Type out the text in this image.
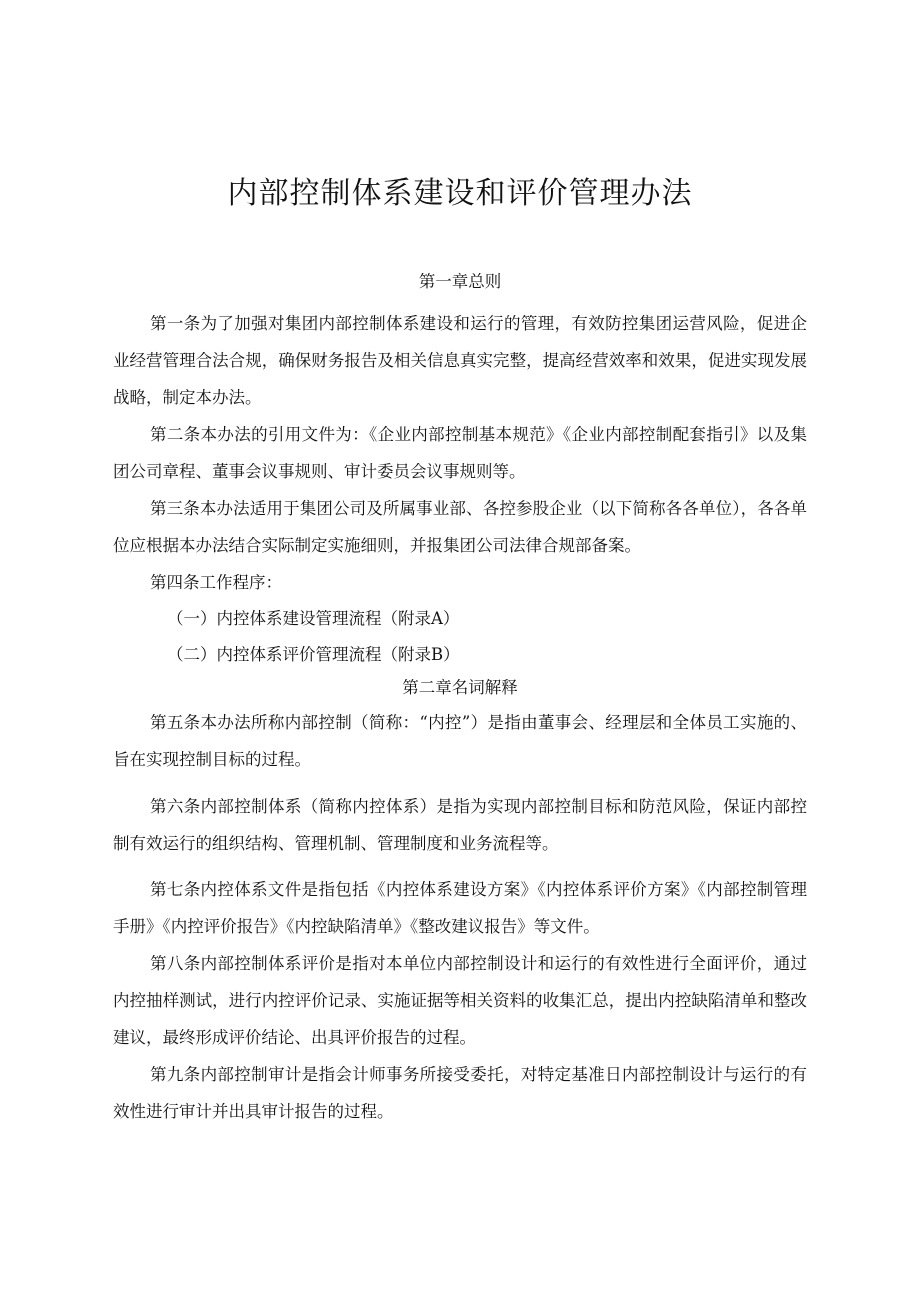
内部控制体系建设和评价管理办法
第一章总则

第一条为了加强对集团内部控制体系建设和运行的管理，有效防控集团运营风险，促进企业经营管理合法合规，确保财务报告及相关信息真实完整，提高经营效率和效果，促进实现发展战略，制定本办法。

第二条本办法的引用文件为：《企业内部控制基本规范》《企业内部控制配套指引》以及集团公司章程、董事会议事规则、审计委员会议事规则等。

第三条本办法适用于集团公司及所属事业部、各控参股企业（以下简称各各单位），各各单位应根据本办法结合实际制定实施细则，并报集团公司法律合规部备案。

第四条工作程序：

（一）内控体系建设管理流程（附录A）

（二）内控体系评价管理流程（附录B）

第二章名词解释

第五条本办法所称内部控制（简称：“内控”）是指由董事会、经理层和全体员工实施的、旨在实现控制目标的过程。

第六条内部控制体系（简称内控体系）是指为实现内部控制目标和防范风险，保证内部控制有效运行的组织结构、管理机制、管理制度和业务流程等。

第七条内控体系文件是指包括《内控体系建设方案》《内控体系评价方案》《内部控制管理手册》《内控评价报告》《内控缺陷清单》《整改建议报告》等文件。

第八条内部控制体系评价是指对本单位内部控制设计和运行的有效性进行全面评价，通过内控抽样测试，进行内控评价记录、实施证据等相关资料的收集汇总，提出内控缺陷清单和整改建议，最终形成评价结论、出具评价报告的过程。

第九条内部控制审计是指会计师事务所接受委托，对特定基准日内部控制设计与运行的有效性进行审计并出具审计报告的过程。
